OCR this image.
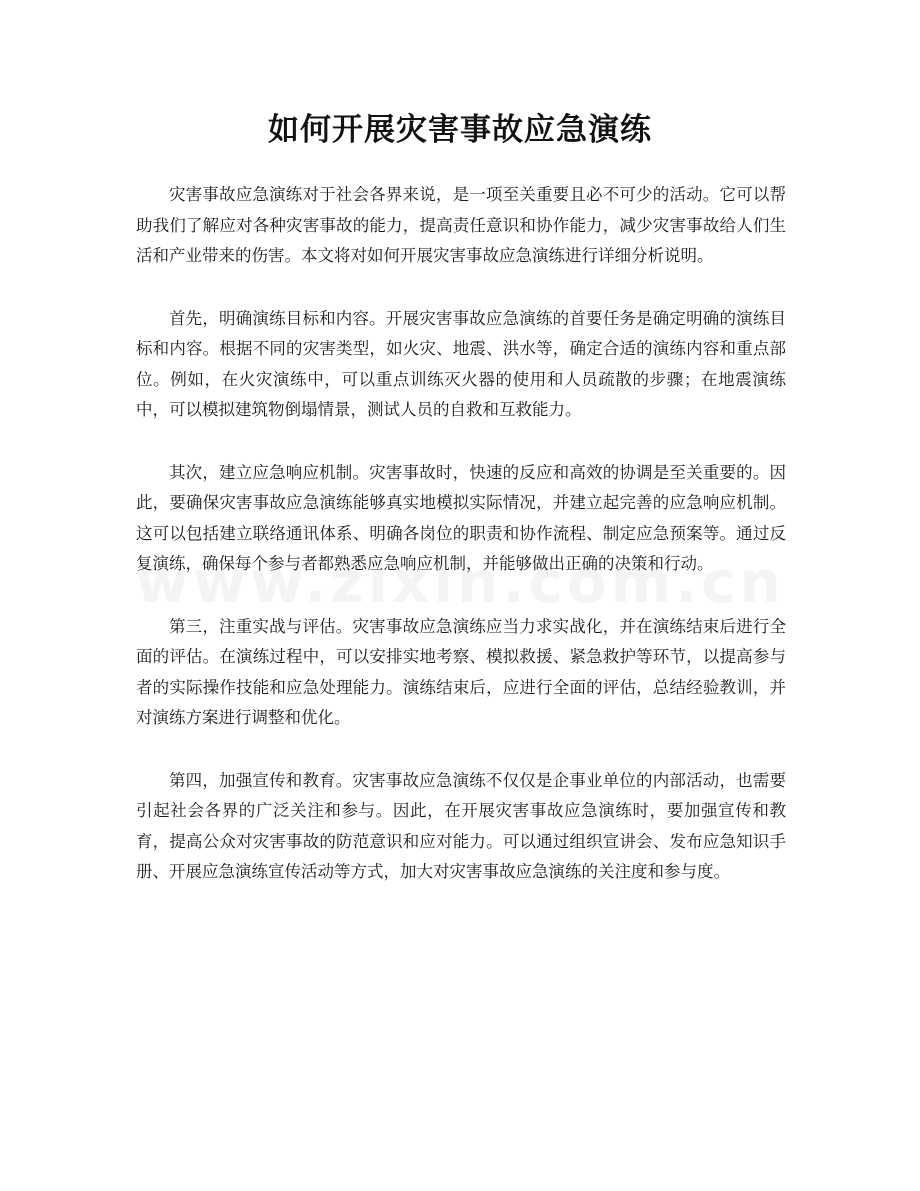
如何开展灾害事故应急演练

灾害事故应急演练对于社会各界来说，是一项至关重要且必不可少的活动。它可以帮助我们了解应对各种灾害事故的能力，提高责任意识和协作能力，减少灾害事故给人们生活和产业带来的伤害。本文将对如何开展灾害事故应急演练进行详细分析说明。

首先，明确演练目标和内容。开展灾害事故应急演练的首要任务是确定明确的演练目标和内容。根据不同的灾害类型，如火灾、地震、洪水等，确定合适的演练内容和重点部位。例如，在火灾演练中，可以重点训练灭火器的使用和人员疏散的步骤；在地震演练中，可以模拟建筑物倒塌情景，测试人员的自救和互救能力。

其次，建立应急响应机制。灾害事故时，快速的反应和高效的协调是至关重要的。因此，要确保灾害事故应急演练能够真实地模拟实际情况，并建立起完善的应急响应机制。这可以包括建立联络通讯体系、明确各岗位的职责和协作流程、制定应急预案等。通过反复演练，确保每个参与者都熟悉应急响应机制，并能够做出正确的决策和行动。

第三，注重实战与评估。灾害事故应急演练应当力求实战化，并在演练结束后进行全面的评估。在演练过程中，可以安排实地考察、模拟救援、紧急救护等环节，以提高参与者的实际操作技能和应急处理能力。演练结束后，应进行全面的评估，总结经验教训，并对演练方案进行调整和优化。

第四，加强宣传和教育。灾害事故应急演练不仅仅是企事业单位的内部活动，也需要引起社会各界的广泛关注和参与。因此，在开展灾害事故应急演练时，要加强宣传和教育，提高公众对灾害事故的防范意识和应对能力。可以通过组织宣讲会、发布应急知识手册、开展应急演练宣传活动等方式，加大对灾害事故应急演练的关注度和参与度。
